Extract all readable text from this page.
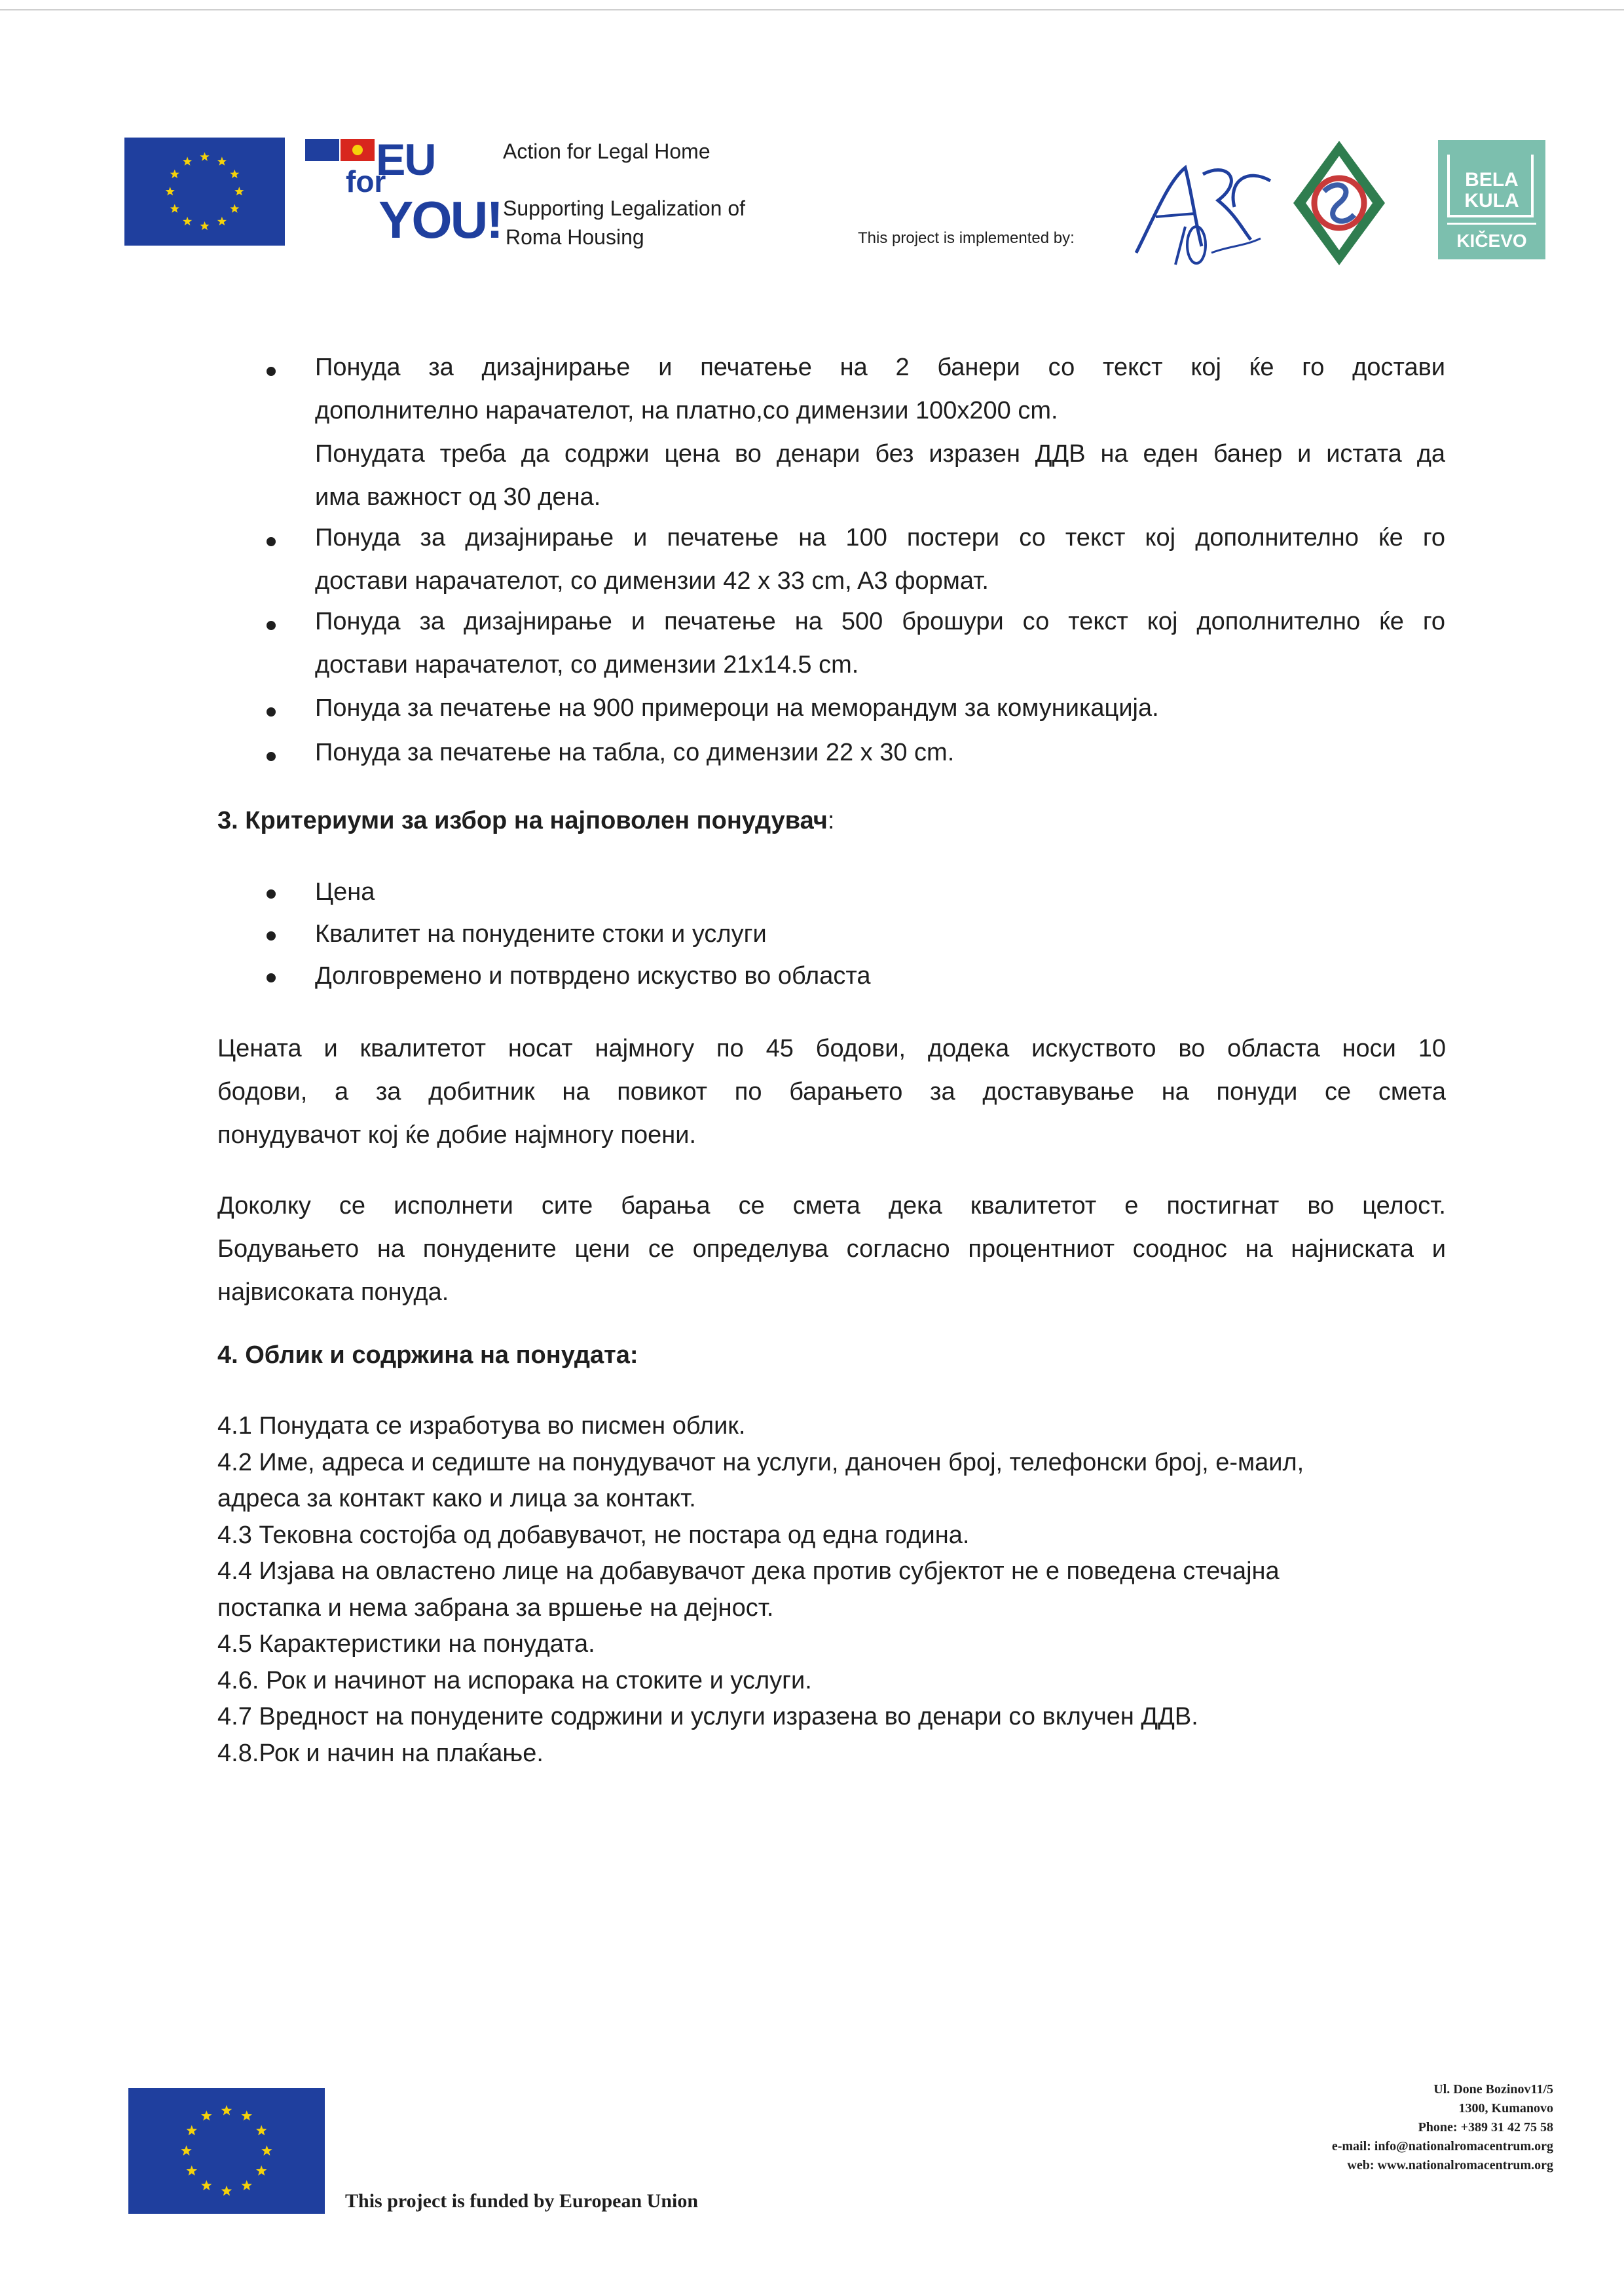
EU
for
YOU!
Action for Legal Home
Supporting Legalization of
Roma Housing	This project is implemented by:
BELA
KULA
KIČEVO
Понуда за дизајнирање и печатење на 2 банери со текст кој ќе го достави
дополнително нарачателот, на платно,со димензии 100x200 cm.
Понудата треба да содржи цена во денари без изразен ДДВ на еден банер и истата да
има важност од 30 дена.
Понуда за дизајнирање и печатење на 100 постери со текст кој дополнително ќе го
достави нарачателот, со димензии 42 x 33 cm, A3 формат.
Понуда за дизајнирање и печатење на 500 брошури со текст кој дополнително ќе го
достави нарачателот, со димензии 21x14.5 cm.
Понуда за печатење на 900 примероци на меморандум за комуникација.
Понуда за печатење на табла, со димензии 22 x 30 cm.
3. Критериуми за избор на најповолен понудувач:
Цена
Квалитет на понудените стоки и услуги
Долговремено и потврдено искуство во областа
Цената и квалитетот носат најмногу по 45 бодови, додека искуството во областа носи 10
бодови, а за добитник на повикот по барањето за доставување на понуди се смета
понудувачот кој ќе добие најмногу поени.
Доколку се исполнети сите барања се смета дека квалитетот е постигнат во целост.
Бодувањето на понудените цени се определува согласно процентниот сооднос на најниската и
највисоката понуда.
4. Облик и содржина на понудата:
4.1 Понудата се изработува во писмен облик.
4.2 Име, адреса и седиште на понудувачот на услуги, даночен број, телефонски број, е-маил,
адреса за контакт како и лица за контакт.
4.3 Тековна состојба од добавувачот, не постара од една година.
4.4 Изјава на овластено лице на добавувачот дека против субјектот не е поведена стечајна
постапка и нема забрана за вршење на дејност.
4.5 Карактеристики на понудата.
4.6. Рок и начинот на испорака на стоките и услуги.
4.7 Вредност на понудените содржини и услуги изразена во денари со вклучен ДДВ.
4.8.Рок и начин на плаќање.
This project is funded by European Union
Ul. Done Bozinov11/5
1300, Kumanovo
Phone: +389 31 42 75 58
e-mail: info@nationalromacentrum.org
web: www.nationalromacentrum.org
